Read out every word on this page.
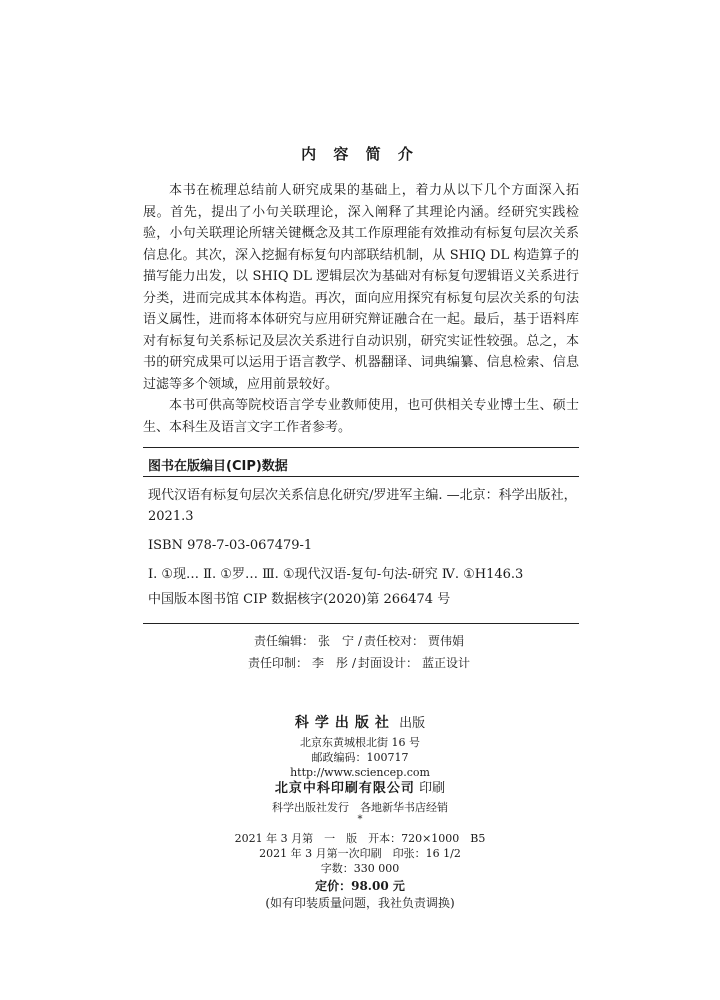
内 容 简 介

本书在梳理总结前人研究成果的基础上，着力从以下几个方面深入拓展。首先，提出了小句关联理论，深入阐释了其理论内涵。经研究实践检验，小句关联理论所辖关键概念及其工作原理能有效推动有标复句层次关系信息化。其次，深入挖掘有标复句内部联结机制，从 SHIQ DL 构造算子的描写能力出发，以 SHIQ DL 逻辑层次为基础对有标复句逻辑语义关系进行分类，进而完成其本体构造。再次，面向应用探究有标复句层次关系的句法语义属性，进而将本体研究与应用研究辩证融合在一起。最后，基于语料库对有标复句关系标记及层次关系进行自动识别，研究实证性较强。总之，本书的研究成果可以运用于语言教学、机器翻译、词典编纂、信息检索、信息过滤等多个领域，应用前景较好。

本书可供高等院校语言学专业教师使用，也可供相关专业博士生、硕士生、本科生及语言文字工作者参考。

图书在版编目(CIP)数据

现代汉语有标复句层次关系信息化研究/罗进军主编. —北京：科学出版社，2021.3

ISBN 978-7-03-067479-1

Ⅰ. ①现… Ⅱ. ①罗… Ⅲ. ①现代汉语-复句-句法-研究 Ⅳ. ①H146.3

中国版本图书馆 CIP 数据核字(2020)第 266474 号

责任编辑： 张　宁 / 责任校对： 贾伟娟
责任印制： 李　彤 / 封面设计： 蓝正设计
科学出版社 出版
北京东黄城根北街 16 号
邮政编码：100717
http://www.sciencep.com
北京中科印刷有限公司 印刷
科学出版社发行　各地新华书店经销
*
2021 年 3 月第　一　版　开本：720×1000　B5
2021 年 3 月第一次印刷　印张：16 1/2
字数：330 000
定价：98.00 元
(如有印装质量问题，我社负责调换)
